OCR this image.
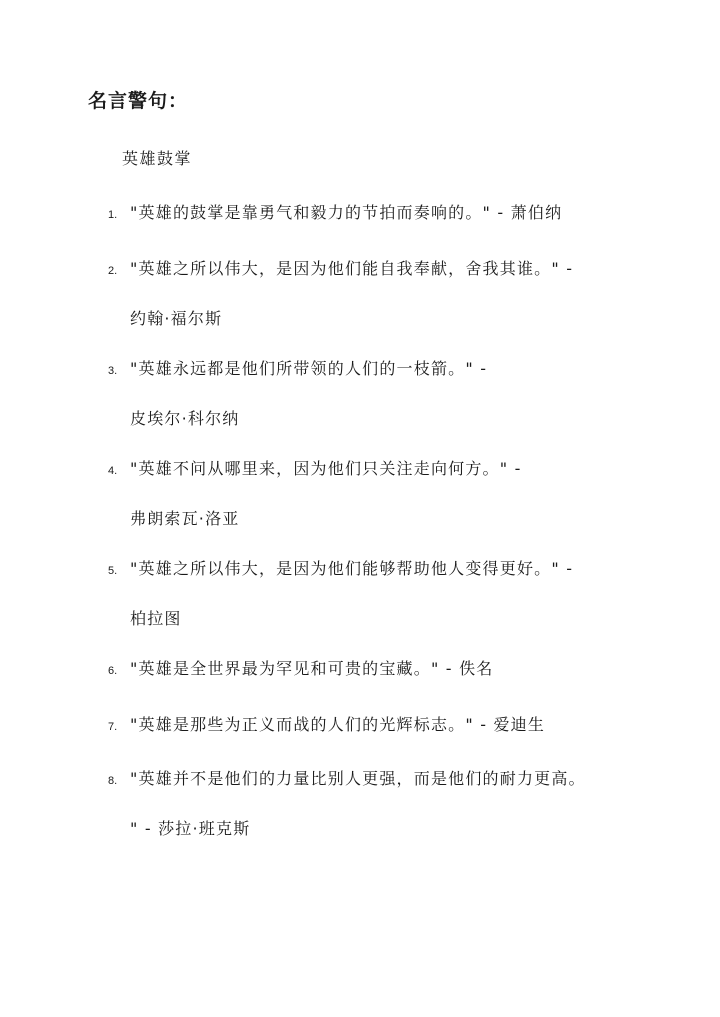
名言警句：
英雄鼓掌
1. "英雄的鼓掌是靠勇气和毅力的节拍而奏响的。" - 萧伯纳
2. "英雄之所以伟大，是因为他们能自我奉献，舍我其谁。" -
约翰·福尔斯
3. "英雄永远都是他们所带领的人们的一枝箭。" -
皮埃尔·科尔纳
4. "英雄不问从哪里来，因为他们只关注走向何方。" -
弗朗索瓦·洛亚
5. "英雄之所以伟大，是因为他们能够帮助他人变得更好。" -
柏拉图
6. "英雄是全世界最为罕见和可贵的宝藏。" - 佚名
7. "英雄是那些为正义而战的人们的光辉标志。" - 爱迪生
8. "英雄并不是他们的力量比别人更强，而是他们的耐力更高。
" - 莎拉·班克斯
